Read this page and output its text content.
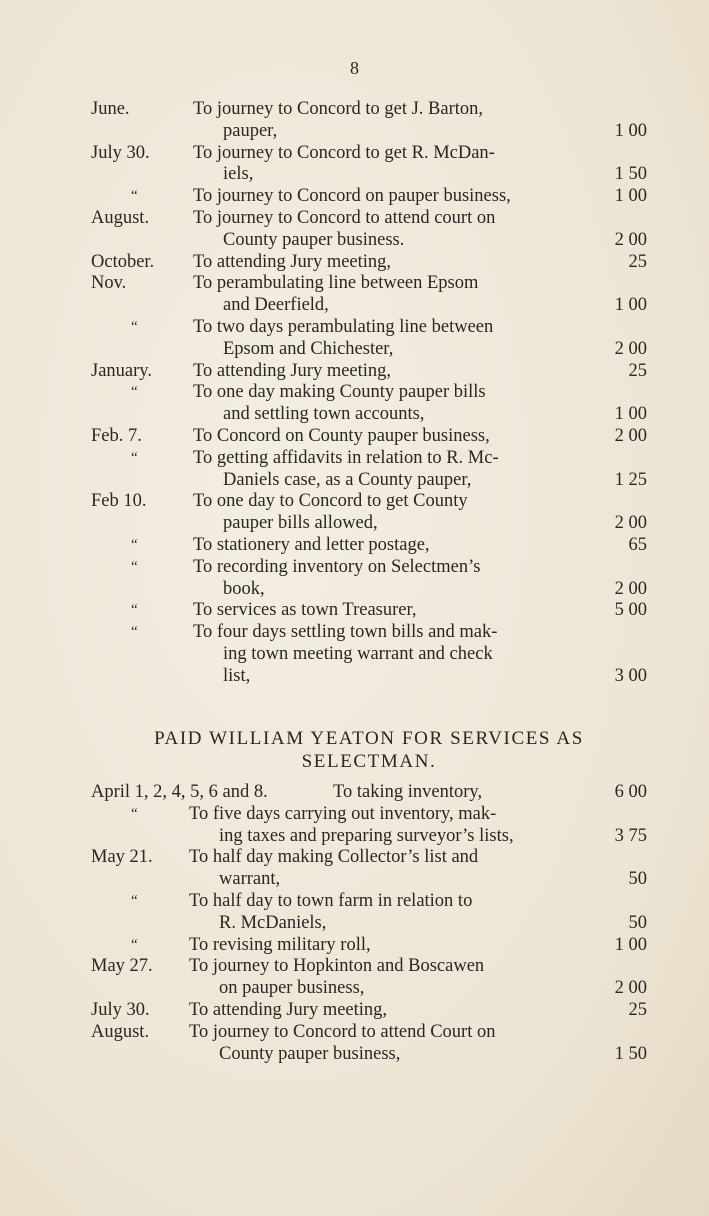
8
June.	To journey to Concord to get J. Barton,
pauper,	1 00
July 30. To journey to Concord to get R. McDan-
iels,	1 50
“	To journey to Concord on pauper business,	1 00
August. To journey to Concord to attend court on
County pauper business.	2 00
October. To attending Jury meeting,	25
Nov.	To perambulating line between Epsom
and Deerfield,	1 00
“	To two days perambulating line between
Epsom and Chichester,	2 00
January. To attending Jury meeting,	25
“	To one day making County pauper bills
and settling town accounts,	1 00
Feb. 7.	To Concord on County pauper business,	2 00
“	To getting affidavits in relation to R. Mc-
Daniels case, as a County pauper,	1 25
Feb 10.	To one day to Concord to get County
pauper bills allowed,	2 00
“	To stationery and letter postage,	65
“	To recording inventory on Selectmen’s
book,	2 00
“	To services as town Treasurer,	5 00
“	To four days settling town bills and mak-
ing town meeting warrant and check
list,	3 00
PAID WILLIAM YEATON FOR SERVICES AS
SELECTMAN.
April 1, 2, 4, 5, 6 and 8.	To taking inventory,	6 00
“	To five days carrying out inventory, mak-
ing taxes and preparing surveyor’s lists,	3 75
May 21. To half day making Collector’s list and
warrant,	50
“	To half day to town farm in relation to
R. McDaniels,	50
“	To revising military roll,	1 00
May 27. To journey to Hopkinton and Boscawen
on pauper business,	2 00
July 30. To attending Jury meeting,	25
August. To journey to Concord to attend Court on
County pauper business,	1 50
